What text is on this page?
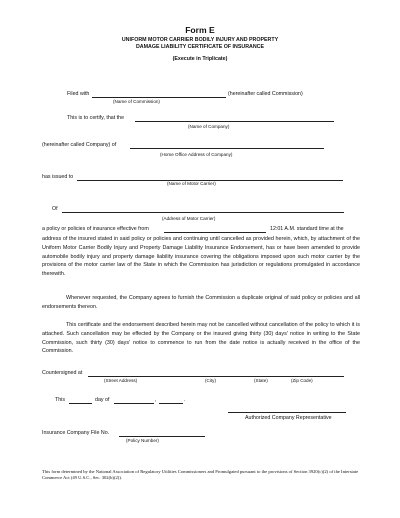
Form E
UNIFORM MOTOR CARRIER BODILY INJURY AND PROPERTY
DAMAGE LIABILITY CERTIFICATE OF INSURANCE
(Execute in Triplicate)
Filed with	(hereinafter called Commission)
(Name of Commission)
This is to certify, that the
(Name of Company)
(hereinafter called Company) of
(Home Office Address of Company)
has issued to
(Name of Motor Carrier)
Of
(Address of Motor Carrier)
a policy or policies of insurance effective from	12:01 A.M. standard time at the
address of the insured stated in said policy or policies and continuing until cancelled as provided herein, which, by attachment of the Uniform Motor Carrier Bodily Injury and Property Damage Liability Insurance Endorsement, has or have been amended to provide automobile bodily injury and property damage liability insurance covering the obligations imposed upon such motor carrier by the provisions of the motor carrier law of the State in which the Commission has jurisdiction or regulations promulgated in accordance therewith.
Whenever requested, the Company agrees to furnish the Commission a duplicate original of said policy or policies and all endorsements thereon.
This certificate and the endorsement described herein may not be cancelled without cancellation of the policy to which it is attached. Such cancellation may be effected by the Company or the insured giving thirty (30) days' notice in writing to the State Commission, such thirty (30) days' notice to commence to run from the date notice is actually received in the office of the Commission.
Countersigned at
(Street Address)	(City)	(State)	(Zip Code)
This	day of	,	.
Authorized Company Representative
Insurance Company File No.
(Policy Number)
This form determined by the National Association of Regulatory Utilities Commissioners and Promulgated pursuant to the provisions of Section 3920(c)(2) of the Interstate Commerce Act (49 U.S.C., Sec. 302(b)(2)).
